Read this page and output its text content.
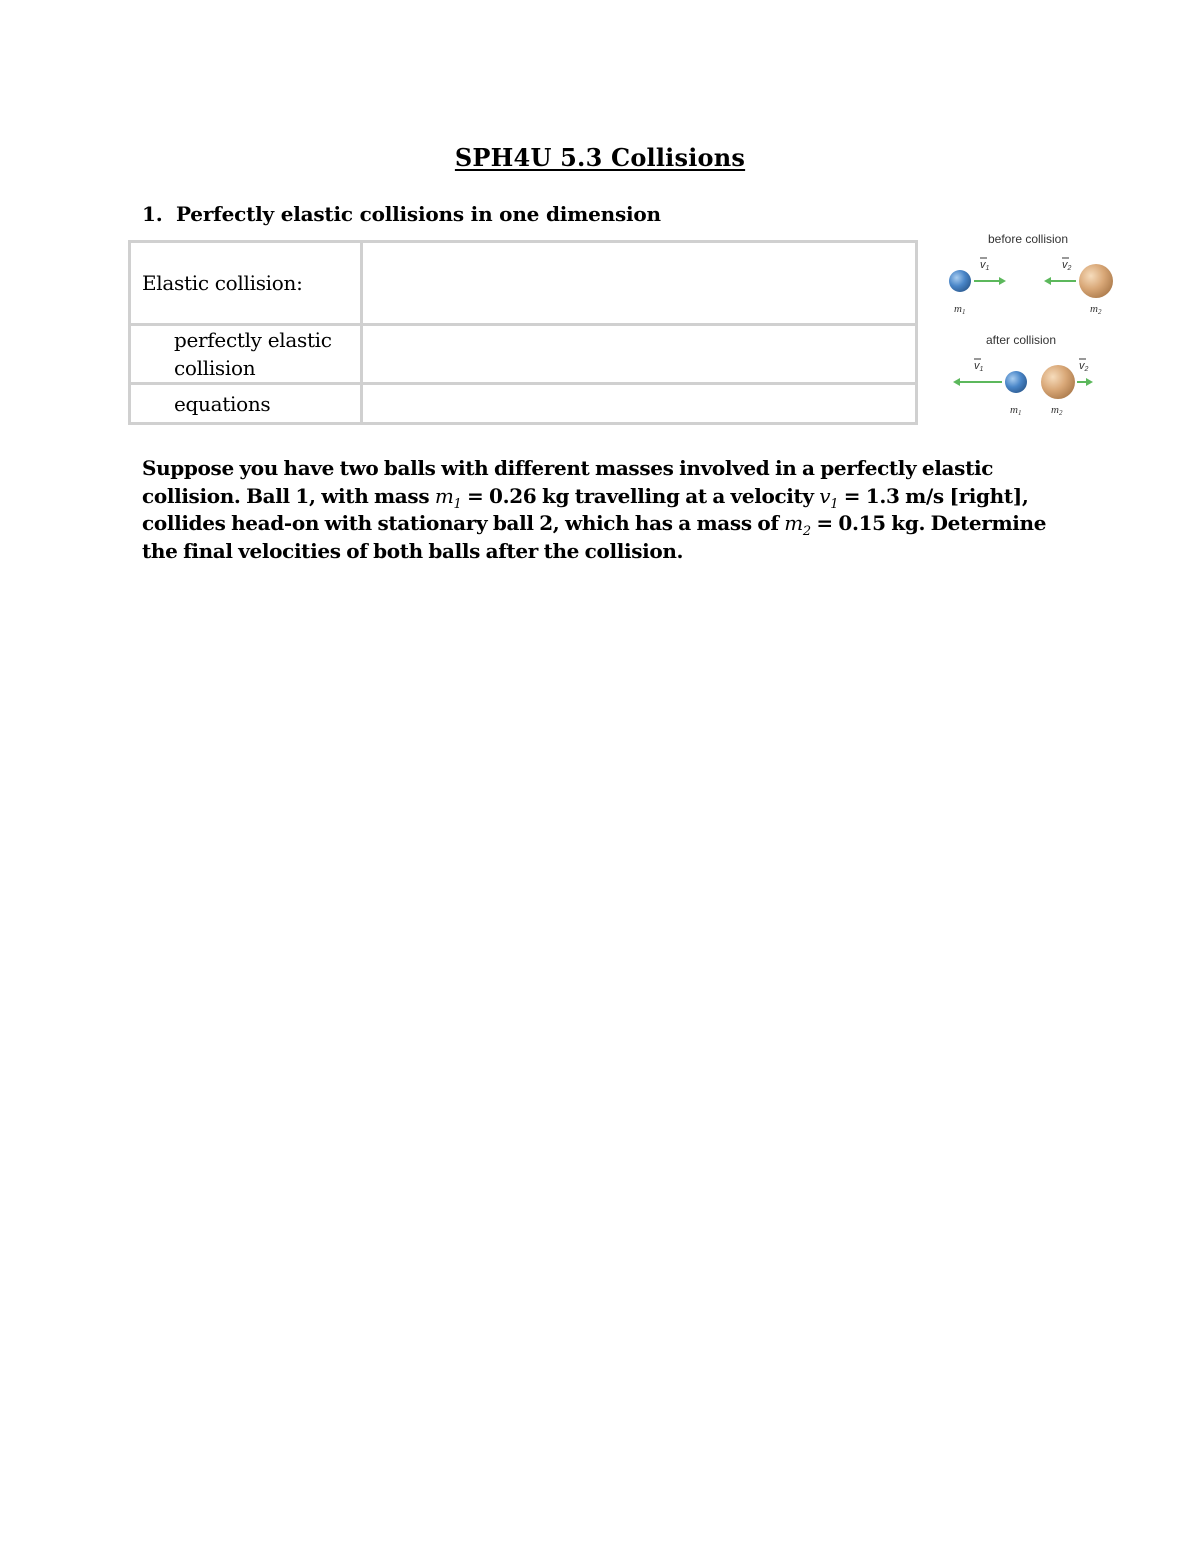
SPH4U 5.3 Collisions
1. Perfectly elastic collisions in one dimension
Elastic collision:	

perfectly elastic
collision	

equations	

before collision
v1	v2
m1	m2
after collision
v1	v2
m1	m2
Suppose you have two balls with different masses involved in a perfectly elastic collision. Ball 1, with mass $m_1 = 0.26$ kg travelling at a velocity $v_1 = 1.3$ m/s [right], collides head-on with stationary ball 2, which has a mass of $m_2 = 0.15$ kg. Determine the final velocities of both balls after the collision.
